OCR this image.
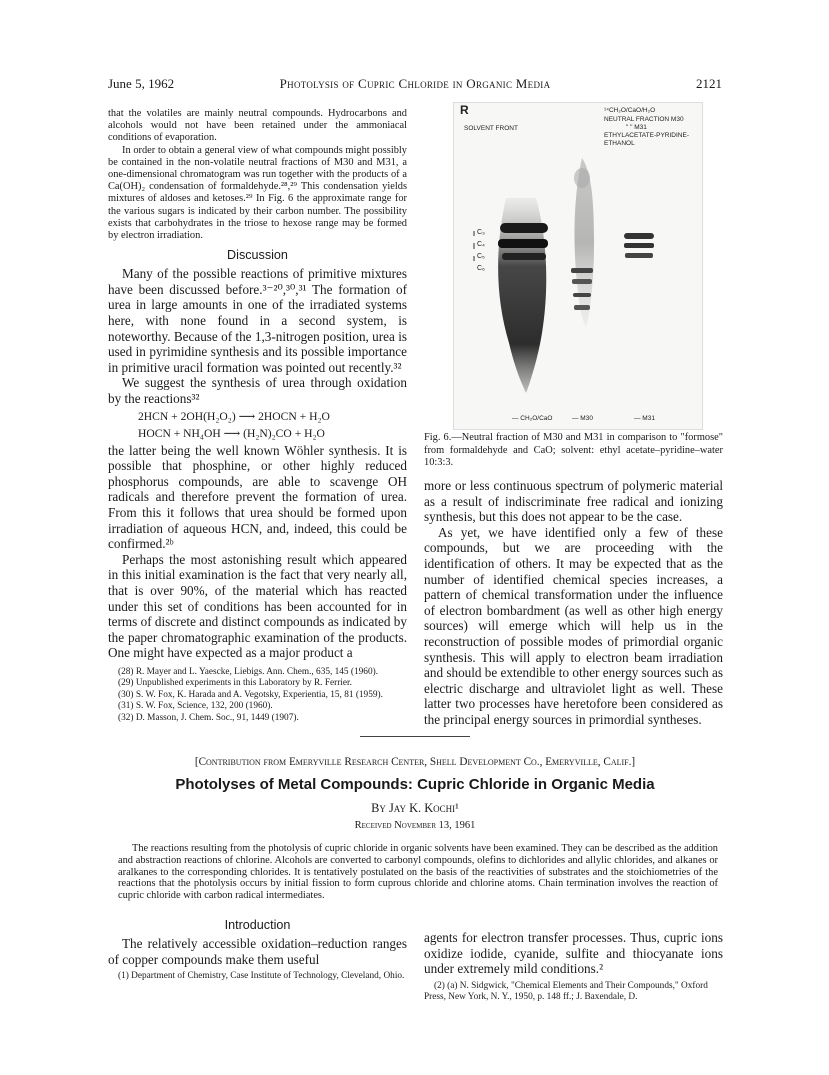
June 5, 1962	Photolysis of Cupric Chloride in Organic Media	2121

that the volatiles are mainly neutral compounds. Hydrocarbons and alcohols would not have been retained under the ammoniacal conditions of evaporation.

In order to obtain a general view of what compounds might possibly be contained in the non-volatile neutral fractions of M30 and M31, a one-dimensional chromatogram was run together with the products of a Ca(OH)₂ condensation of formaldehyde.²⁸,²⁹ This condensation yields mixtures of aldoses and ketoses.²⁹ In Fig. 6 the approximate range for the various sugars is indicated by their carbon number. The possibility exists that carbohydrates in the triose to hexose range may be formed by electron irradiation.

Discussion

Many of the possible reactions of primitive mixtures have been discussed before.³⁻²⁰,³⁰,³¹ The formation of urea in large amounts in one of the irradiated systems here, with none found in a second system, is noteworthy. Because of the 1,3-nitrogen position, urea is used in pyrimidine synthesis and its possible importance in primitive uracil formation was pointed out recently.³²

We suggest the synthesis of urea through oxidation by the reactions³²

2HCN + 2OH(H₂O₂) ⟶ 2HOCN + H₂O
HOCN + NH₄OH ⟶ (H₂N)₂CO + H₂O

the latter being the well known Wöhler synthesis. It is possible that phosphine, or other highly reduced phosphorus compounds, are able to scavenge OH radicals and therefore prevent the formation of urea. From this it follows that urea should be formed upon irradiation of aqueous HCN, and, indeed, this could be confirmed.²ᵇ

Perhaps the most astonishing result which appeared in this initial examination is the fact that very nearly all, that is over 90%, of the material which has reacted under this set of conditions has been accounted for in terms of discrete and distinct compounds as indicated by the paper chromatographic examination of the products. One might have expected as a major product a

(28) R. Mayer and L. Yaescke, Liebigs. Ann. Chem., 635, 145 (1960).

(29) Unpublished experiments in this Laboratory by R. Ferrier.

(30) S. W. Fox, K. Harada and A. Vegotsky, Experientia, 15, 81 (1959).

(31) S. W. Fox, Science, 132, 200 (1960).

(32) D. Masson, J. Chem. Soc., 91, 1449 (1907).

R
SOLVENT FRONT
¹⁴CH₂O/CaO/H₂O
NEUTRAL FRACTION M30
" " M31
ETHYLACETATE-PYRIDINE-
ETHANOL
C₃
C₄
C₅
C₆
— CH₂O/CaO	— M30	— M31
Fig. 6.—Neutral fraction of M30 and M31 in comparison to "formose" from formaldehyde and CaO; solvent: ethyl acetate–pyridine–water 10:3:3.

more or less continuous spectrum of polymeric material as a result of indiscriminate free radical and ionizing synthesis, but this does not appear to be the case.

As yet, we have identified only a few of these compounds, but we are proceeding with the identification of others. It may be expected that as the number of identified chemical species increases, a pattern of chemical transformation under the influence of electron bombardment (as well as other high energy sources) will emerge which will help us in the reconstruction of possible modes of primordial organic synthesis. This will apply to electron beam irradiation and should be extendible to other energy sources such as electric discharge and ultraviolet light as well. These latter two processes have heretofore been considered as the principal energy sources in primordial syntheses.

[Contribution from Emeryville Research Center, Shell Development Co., Emeryville, Calif.]
Photolyses of Metal Compounds: Cupric Chloride in Organic Media
By Jay K. Kochi¹
Received November 13, 1961

The reactions resulting from the photolysis of cupric chloride in organic solvents have been examined. They can be described as the addition and abstraction reactions of chlorine. Alcohols are converted to carbonyl compounds, olefins to dichlorides and allylic chlorides, and alkanes or aralkanes to the corresponding chlorides. It is tentatively postulated on the basis of the reactivities of substrates and the stoichiometries of the reactions that the photolysis occurs by initial fission to form cuprous chloride and chlorine atoms. Chain termination involves the reaction of cupric chloride with carbon radical intermediates.

Introduction

The relatively accessible oxidation–reduction ranges of copper compounds make them useful

(1) Department of Chemistry, Case Institute of Technology, Cleveland, Ohio.

agents for electron transfer processes. Thus, cupric ions oxidize iodide, cyanide, sulfite and thiocyanate ions under extremely mild conditions.²

(2) (a) N. Sidgwick, "Chemical Elements and Their Compounds," Oxford Press, New York, N. Y., 1950, p. 148 ff.; J. Baxendale, D.
